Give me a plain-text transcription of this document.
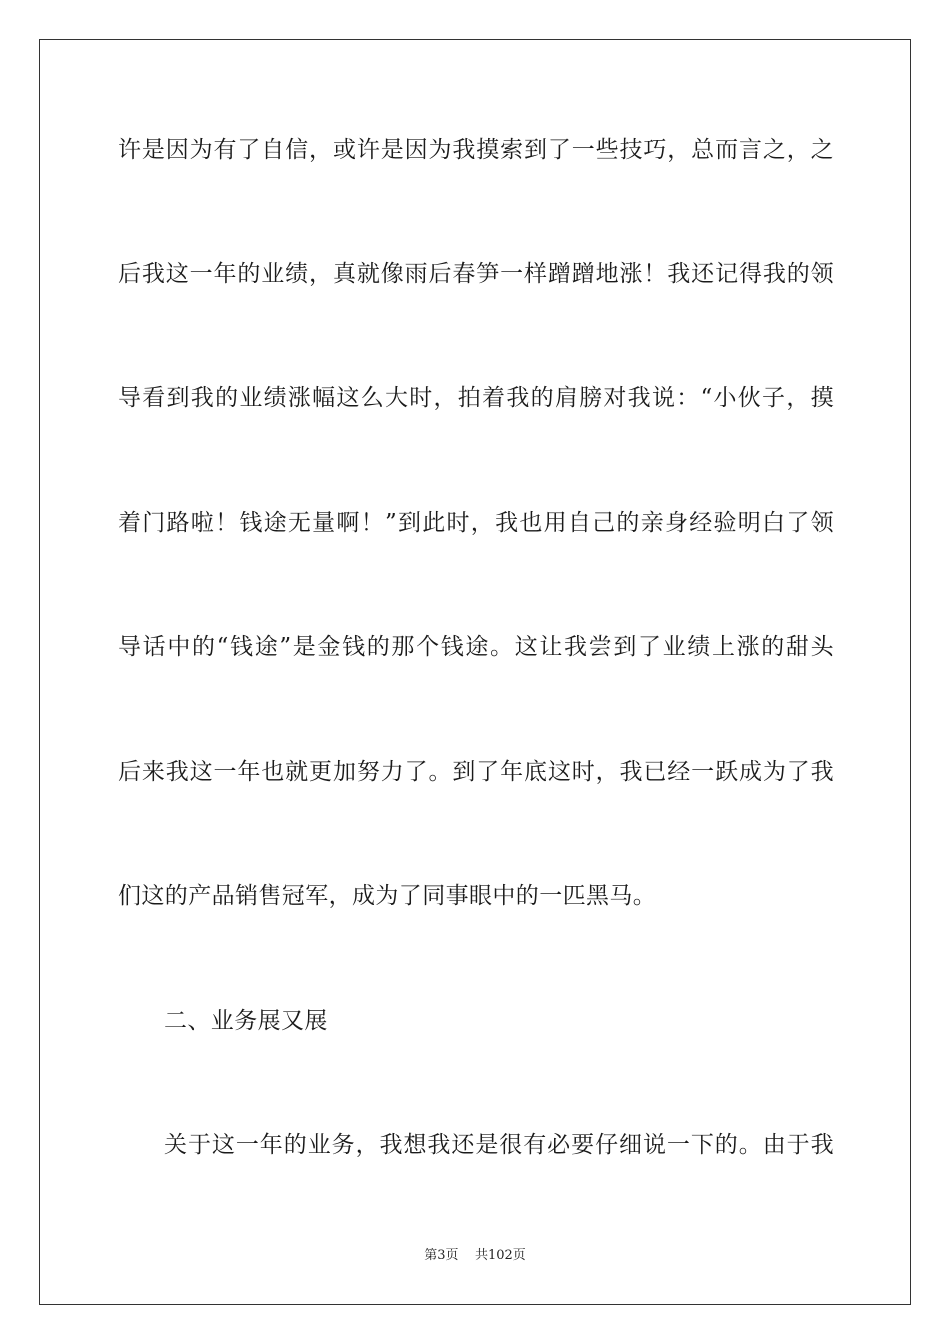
许是因为有了自信，或许是因为我摸索到了一些技巧，总而言之，之
后我这一年的业绩，真就像雨后春笋一样蹭蹭地涨！我还记得我的领
导看到我的业绩涨幅这么大时，拍着我的肩膀对我说：“小伙子，摸
着门路啦！钱途无量啊！”到此时，我也用自己的亲身经验明白了领
导话中的“钱途”是金钱的那个钱途。这让我尝到了业绩上涨的甜头
后来我这一年也就更加努力了。到了年底这时，我已经一跃成为了我
们这的产品销售冠军，成为了同事眼中的一匹黑马。
二、业务展又展
关于这一年的业务，我想我还是很有必要仔细说一下的。由于我
第3页    共102页
